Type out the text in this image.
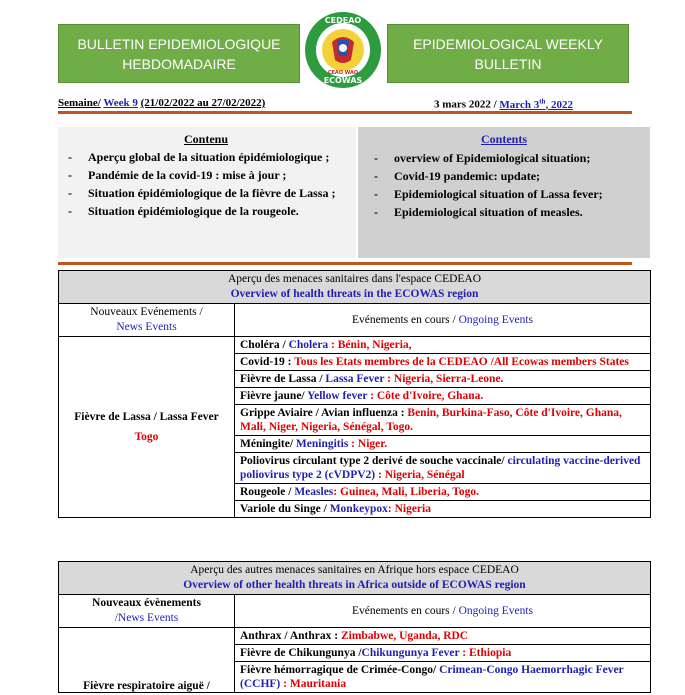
BULLETIN EPIDEMIOLOGIQUE HEBDOMADAIRE
CEDEAO
ECOWAS
CEAO WAO
EPIDEMIOLOGICAL WEEKLY BULLETIN
Semaine/ Week 9 (21/02/2022 au 27/02/2022)	3 mars 2022 / March 3th, 2022
Contenu
- Aperçu global de la situation épidémiologique ;
- Pandémie de la covid-19 : mise à jour ;
- Situation épidémiologique de la fièvre de Lassa ;
- Situation épidémiologique de la rougeole.
Contents
- overview of Epidemiological situation;
- Covid-19 pandemic: update;
- Epidemiological situation of Lassa fever;
- Epidemiological situation of measles.
Aperçu des menaces sanitaires dans l'espace CEDEAO
Overview of health threats in the ECOWAS region	

Nouveaux Evénements /
News Events	Evénements en cours / Ongoing Events

Fièvre de Lassa / Lassa Fever
Togo	Choléra / Cholera : Bénin, Nigeria,
	Covid-19 : Tous les Etats membres de la CEDEAO /All Ecowas members States
	Fièvre de Lassa / Lassa Fever : Nigeria, Sierra-Leone.
	Fièvre jaune/ Yellow fever : Côte d'Ivoire, Ghana.
	Grippe Aviaire / Avian influenza : Benin, Burkina-Faso, Côte d'Ivoire, Ghana, Mali, Niger, Nigeria, Sénégal, Togo.
	Méningite/ Meningitis : Niger.
	Poliovirus circulant type 2 derivé de souche vaccinale/ circulating vaccine-derived poliovirus type 2 (cVDPV2) : Nigeria, Sénégal
	Rougeole / Measles: Guinea, Mali, Liberia, Togo.
	Variole du Singe / Monkeypox: Nigeria
Aperçu des autres menaces sanitaires en Afrique hors espace CEDEAO
Overview of other health threats in Africa outside of ECOWAS region	

Nouveaux évènements
/News Events	Evénements en cours / Ongoing Events

Fièvre respiratoire aiguë /	Anthrax / Anthrax : Zimbabwe, Uganda, RDC
	Fièvre de Chikungunya /Chikungunya Fever : Ethiopia
	Fièvre hémorragique de Crimée-Congo/ Crimean-Congo Haemorrhagic Fever (CCHF) : Mauritania
